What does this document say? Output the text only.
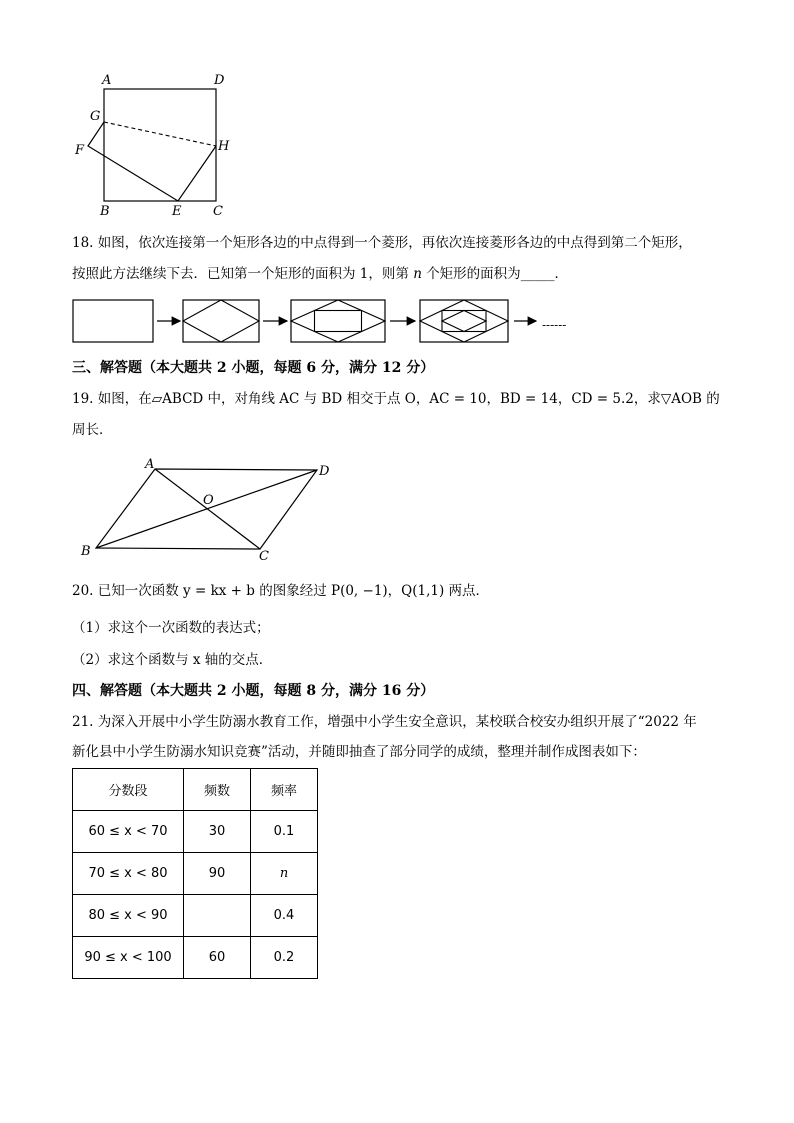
A	D
G
F	H
B	E C
18. 如图，依次连接第一个矩形各边的中点得到一个菱形，再依次连接菱形各边的中点得到第二个矩形，
按照此方法继续下去．已知第一个矩形的面积为 1，则第 n 个矩形的面积为_____．
------
三、解答题（本大题共 2 小题，每题 6 分，满分 12 分）
19. 如图，在▱ABCD 中，对角线 AC 与 BD 相交于点 O，AC = 10，BD = 14，CD = 5.2，求▽AOB 的
周长．
A	D
O
B	C
20. 已知一次函数 y = kx + b 的图象经过 P(0, −1)，Q(1,1) 两点．
（1）求这个一次函数的表达式；
（2）求这个函数与 x 轴的交点．
四、解答题（本大题共 2 小题，每题 8 分，满分 16 分）
21. 为深入开展中小学生防溺水教育工作，增强中小学生安全意识，某校联合校安办组织开展了“2022 年
新化县中小学生防溺水知识竞赛”活动，并随即抽查了部分同学的成绩，整理并制作成图表如下：
分数段	频数	频率
60 ≤ x < 70	30	0.1
70 ≤ x < 80	90	n
80 ≤ x < 90		0.4
90 ≤ x < 100	60	0.2
